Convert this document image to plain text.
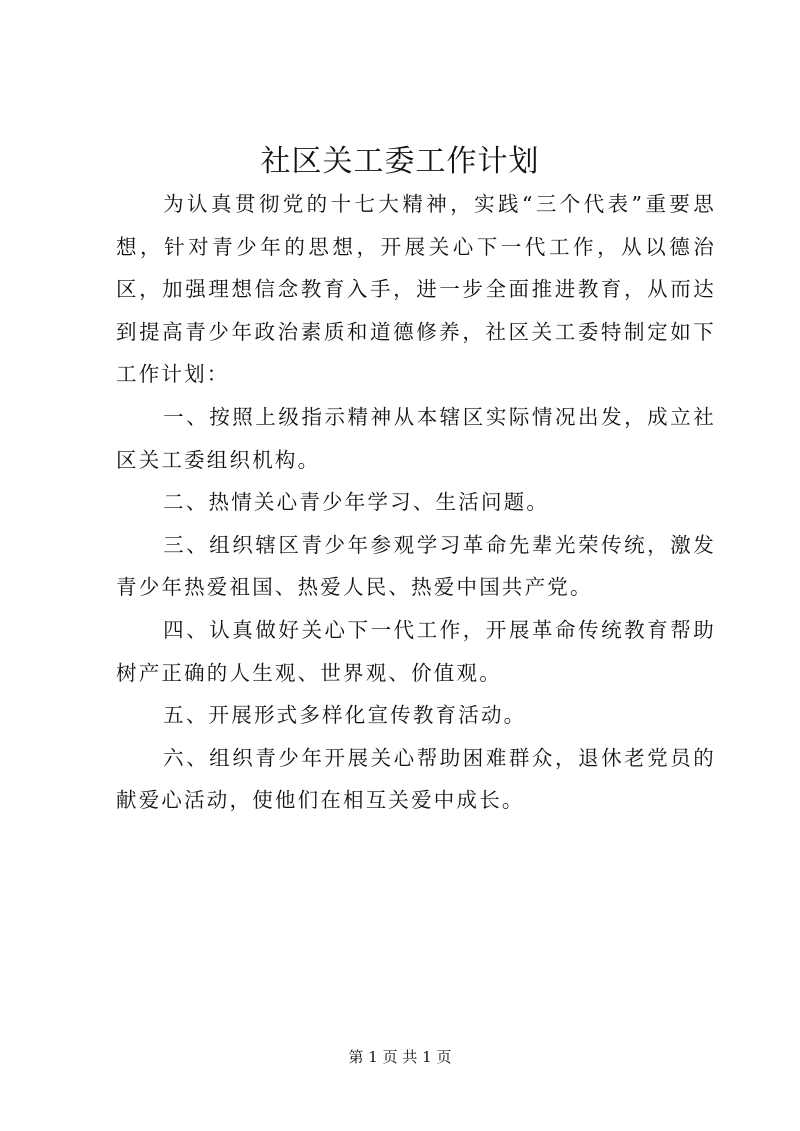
社区关工委工作计划

为认真贯彻党的十七大精神，实践“三个代表”重要思想，针对青少年的思想，开展关心下一代工作，从以德治区，加强理想信念教育入手，进一步全面推进教育，从而达到提高青少年政治素质和道德修养，社区关工委特制定如下工作计划：

一、按照上级指示精神从本辖区实际情况出发，成立社区关工委组织机构。

二、热情关心青少年学习、生活问题。

三、组织辖区青少年参观学习革命先辈光荣传统，激发青少年热爱祖国、热爱人民、热爱中国共产党。

四、认真做好关心下一代工作，开展革命传统教育帮助树产正确的人生观、世界观、价值观。

五、开展形式多样化宣传教育活动。

六、组织青少年开展关心帮助困难群众，退休老党员的献爱心活动，使他们在相互关爱中成长。

第 1 页 共 1 页
